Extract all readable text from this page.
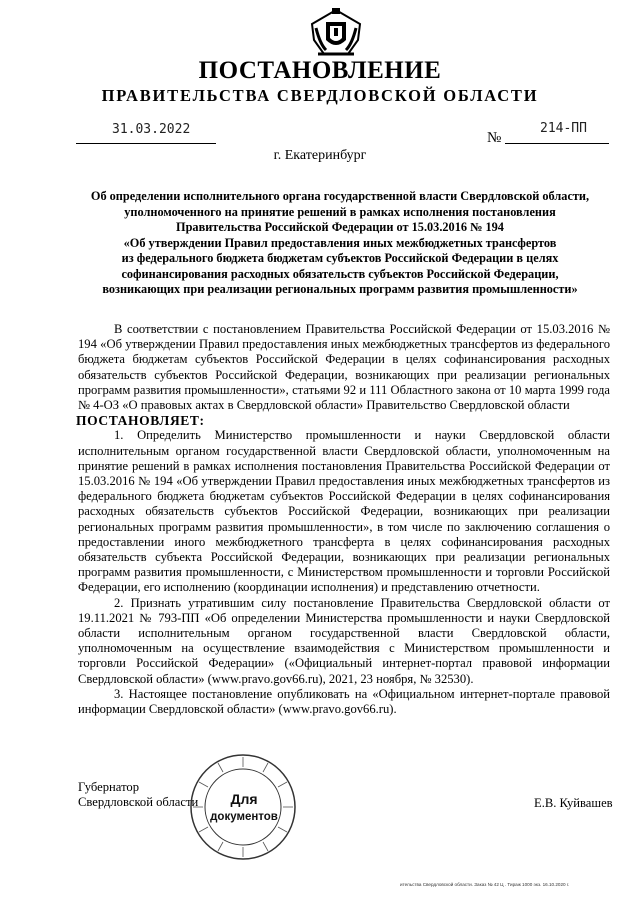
ПОСТАНОВЛЕНИЕ
ПРАВИТЕЛЬСТВА СВЕРДЛОВСКОЙ ОБЛАСТИ
31.03.2022
№
214-ПП
г. Екатеринбург
Об определении исполнительного органа государственной власти Свердловской области,
уполномоченного на принятие решений в рамках исполнения постановления
Правительства Российской Федерации от 15.03.2016 № 194
«Об утверждении Правил предоставления иных межбюджетных трансфертов
из федерального бюджета бюджетам субъектов Российской Федерации в целях
софинансирования расходных обязательств субъектов Российской Федерации,
возникающих при реализации региональных программ развития промышленности»

В соответствии с постановлением Правительства Российской Федерации от 15.03.2016 № 194 «Об утверждении Правил предоставления иных межбюджетных трансфертов из федерального бюджета бюджетам субъектов Российской Федерации в целях софинансирования расходных обязательств субъектов Российской Федерации, возникающих при реализации региональных программ развития промышленности», статьями 92 и 111 Областного закона от 10 марта 1999 года № 4-ОЗ «О правовых актах в Свердловской области» Правительство Свердловской области

ПОСТАНОВЛЯЕТ:

1. Определить Министерство промышленности и науки Свердловской области исполнительным органом государственной власти Свердловской области, уполномоченным на принятие решений в рамках исполнения постановления Правительства Российской Федерации от 15.03.2016 № 194 «Об утверждении Правил предоставления иных межбюджетных трансфертов из федерального бюджета бюджетам субъектов Российской Федерации в целях софинансирования расходных обязательств субъектов Российской Федерации, возникающих при реализации региональных программ развития промышленности», в том числе по заключению соглашения о предоставлении иного межбюджетного трансферта в целях софинансирования расходных обязательств субъекта Российской Федерации, возникающих при реализации региональных программ развития промышленности, с Министерством промышленности и торговли Российской Федерации, его исполнению (координации исполнения) и представлению отчетности.

2. Признать утратившим силу постановление Правительства Свердловской области от 19.11.2021 № 793-ПП «Об определении Министерства промышленности и науки Свердловской области исполнительным органом государственной власти Свердловской области, уполномоченным на осуществление взаимодействия с Министерством промышленности и торговли Российской Федерации» («Официальный интернет-портал правовой информации Свердловской области» (www.pravo.gov66.ru), 2021, 23 ноября, № 32530).

3. Настоящее постановление опубликовать на «Официальном интернет-портале правовой информации Свердловской области» (www.pravo.gov66.ru).

Губернатор
Свердловской области	Е.В. Куйвашев
Для
документов
ительства Свердловской области. Заказ № 42 Ц . Тираж 1000 экз. 16.10.2020 г.
